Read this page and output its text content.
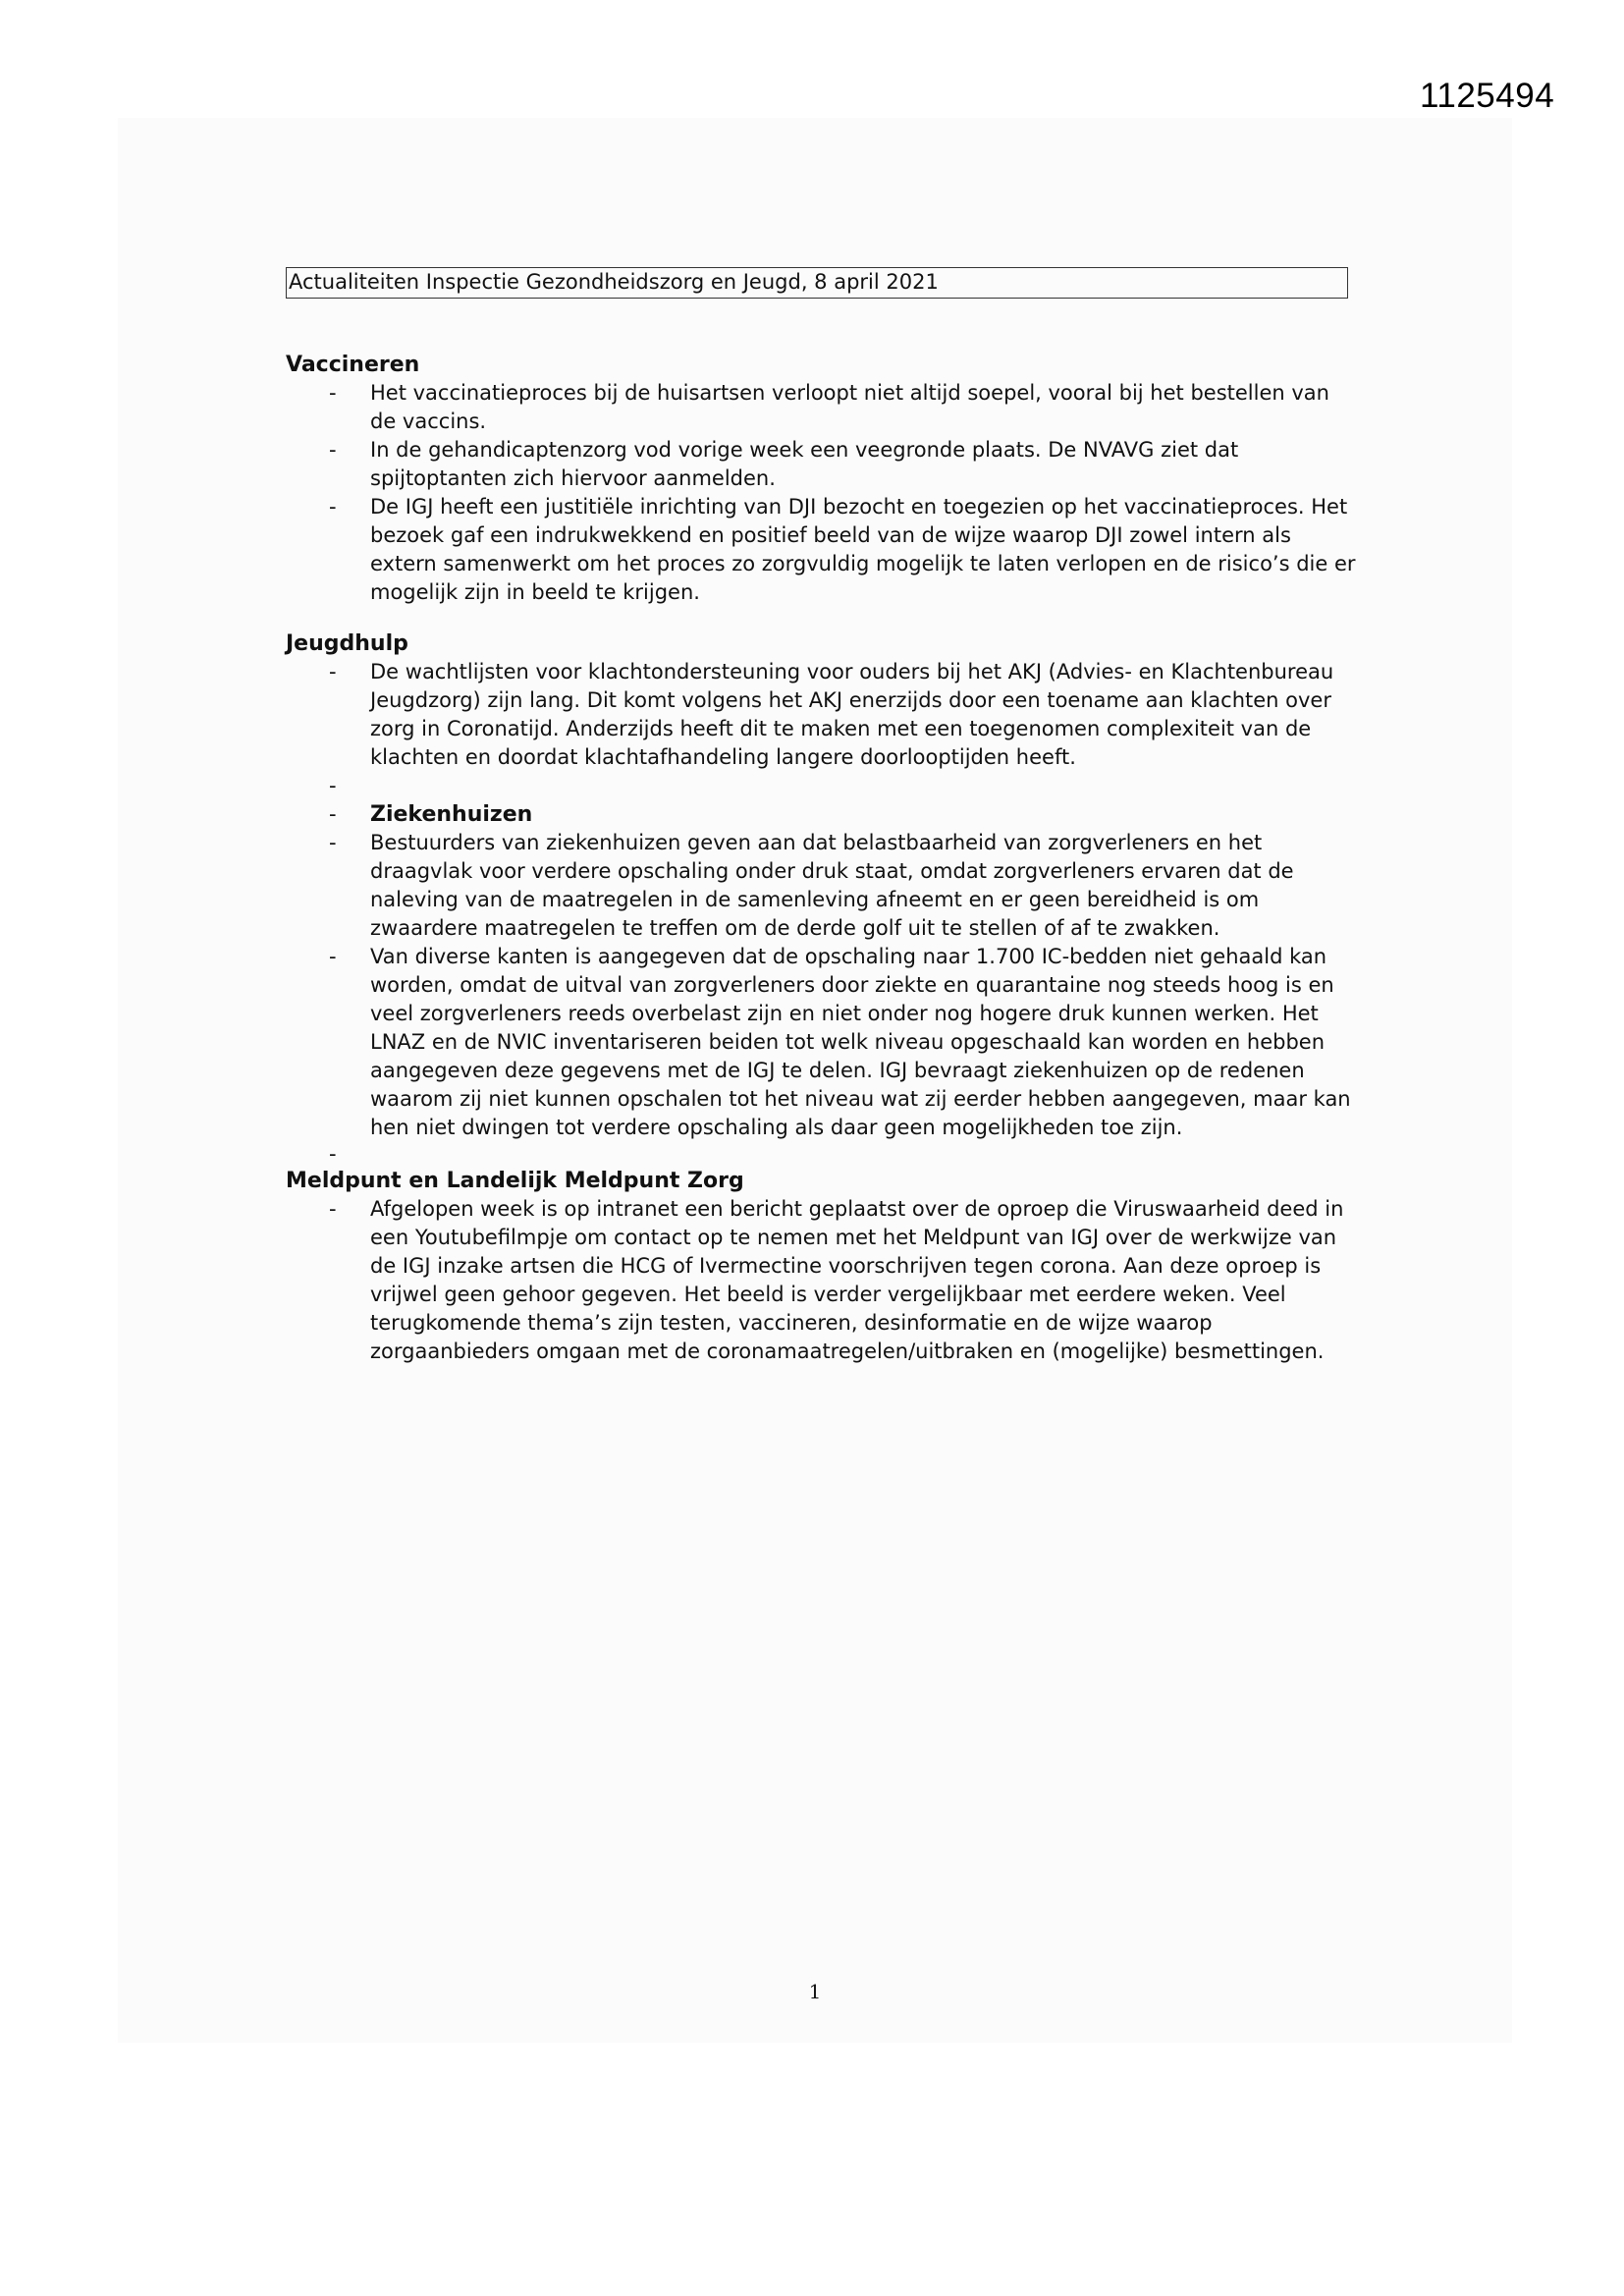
1125494
Actualiteiten Inspectie Gezondheidszorg en Jeugd, 8 april 2021
Vaccineren
- Het vaccinatieproces bij de huisartsen verloopt niet altijd soepel, vooral bij het bestellen van de vaccins.
- In de gehandicaptenzorg vod vorige week een veegronde plaats. De NVAVG ziet dat spijtoptanten zich hiervoor aanmelden.
- De IGJ heeft een justitiële inrichting van DJI bezocht en toegezien op het vaccinatieproces. Het bezoek gaf een indrukwekkend en positief beeld van de wijze waarop DJI zowel intern als extern samenwerkt om het proces zo zorgvuldig mogelijk te laten verlopen en de risico’s die er mogelijk zijn in beeld te krijgen.
Jeugdhulp
- De wachtlijsten voor klachtondersteuning voor ouders bij het AKJ (Advies- en Klachtenbureau Jeugdzorg) zijn lang. Dit komt volgens het AKJ enerzijds door een toename aan klachten over zorg in Coronatijd. Anderzijds heeft dit te maken met een toegenomen complexiteit van de klachten en doordat klachtafhandeling langere doorlooptijden heeft.
-

- Ziekenhuizen
- Bestuurders van ziekenhuizen geven aan dat belastbaarheid van zorgverleners en het draagvlak voor verdere opschaling onder druk staat, omdat zorgverleners ervaren dat de naleving van de maatregelen in de samenleving afneemt en er geen bereidheid is om zwaardere maatregelen te treffen om de derde golf uit te stellen of af te zwakken.
- Van diverse kanten is aangegeven dat de opschaling naar 1.700 IC-bedden niet gehaald kan worden, omdat de uitval van zorgverleners door ziekte en quarantaine nog steeds hoog is en veel zorgverleners reeds overbelast zijn en niet onder nog hogere druk kunnen werken. Het LNAZ en de NVIC inventariseren beiden tot welk niveau opgeschaald kan worden en hebben aangegeven deze gegevens met de IGJ te delen. IGJ bevraagt ziekenhuizen op de redenen waarom zij niet kunnen opschalen tot het niveau wat zij eerder hebben aangegeven, maar kan hen niet dwingen tot verdere opschaling als daar geen mogelijkheden toe zijn.
-

Meldpunt en Landelijk Meldpunt Zorg
- Afgelopen week is op intranet een bericht geplaatst over de oproep die Viruswaarheid deed in een Youtubefilmpje om contact op te nemen met het Meldpunt van IGJ over de werkwijze van de IGJ inzake artsen die HCG of Ivermectine voorschrijven tegen corona. Aan deze oproep is vrijwel geen gehoor gegeven. Het beeld is verder vergelijkbaar met eerdere weken. Veel terugkomende thema’s zijn testen, vaccineren, desinformatie en de wijze waarop zorgaanbieders omgaan met de coronamaatregelen/uitbraken en (mogelijke) besmettingen.
1
